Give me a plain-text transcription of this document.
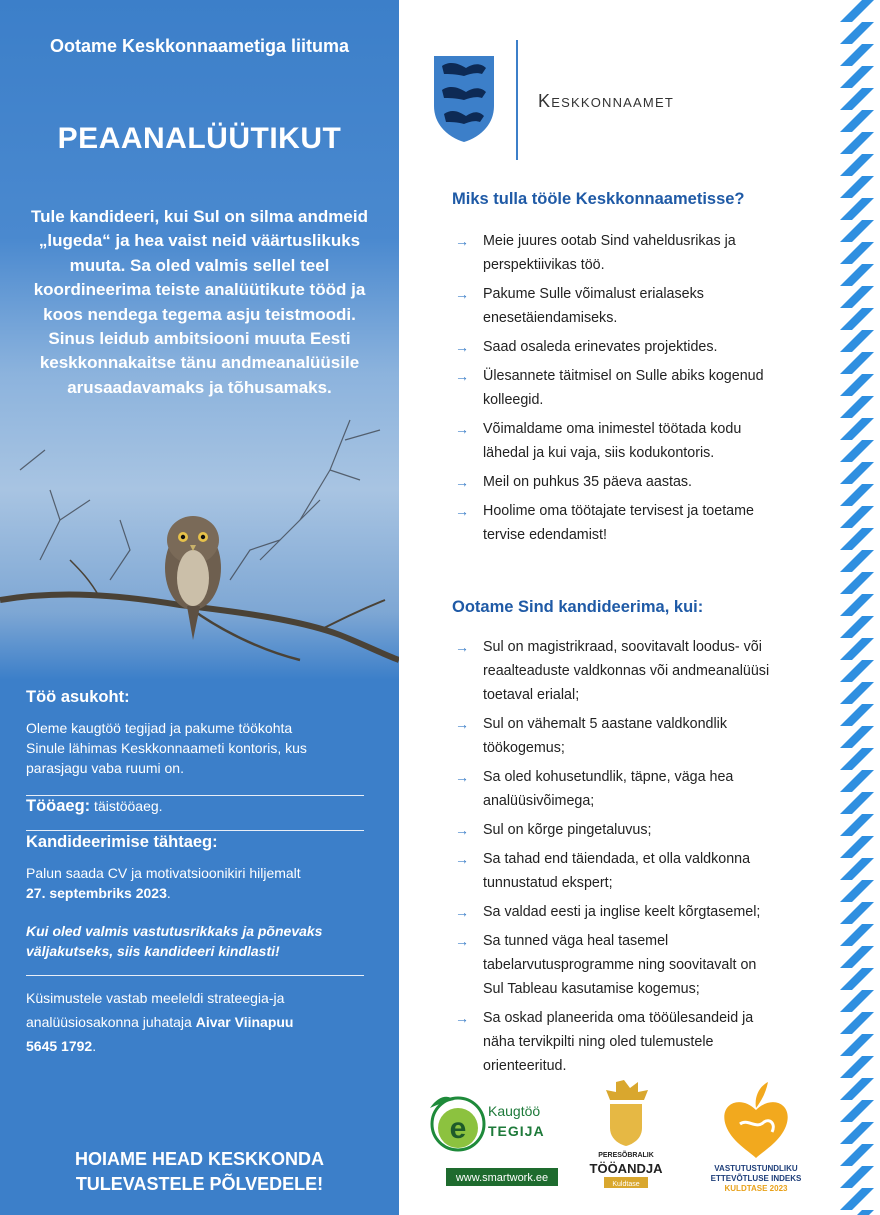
Ootame Keskkonnaametiga liituma
PEAANALÜÜTIKUT
Tule kandideeri, kui Sul on silma andmeid
„lugeda“ ja hea vaist neid väärtuslikuks
muuta. Sa oled valmis sellel teel
koordineerima teiste analüütikute tööd ja
koos nendega tegema asju teistmoodi.
Sinus leidub ambitsiooni muuta Eesti
keskkonnakaitse tänu andmeanalüüsile
arusaadavamaks ja tõhusamaks.

Töö asukoht:

Oleme kaugtöö tegijad ja pakume töökohta
Sinule lähimas Keskkonnaameti kontoris, kus
parasjagu vaba ruumi on.

Tööaeg: täistööaeg.

Kandideerimise tähtaeg:

Palun saada CV ja motivatsioonikiri hiljemalt
27. septembriks 2023.
Kui oled valmis vastutusrikkaks ja põnevaks
väljakutseks, siis kandideeri kindlasti!
Küsimustele vastab meeleldi strateegia-ja
analüüsiosakonna juhataja Aivar Viinapuu
5645 1792.
HOIAME HEAD KESKKONDA
TULEVASTELE PÕLVEDELE!
Keskkonnaamet
Miks tulla tööle Keskkonnaametisse?
→ Meie juures ootab Sind vaheldusrikas ja
perspektiivikas töö.
→ Pakume Sulle võimalust erialaseks
enesetäiendamiseks.
→ Saad osaleda erinevates projektides.
→ Ülesannete täitmisel on Sulle abiks kogenud
kolleegid.
→ Võimaldame oma inimestel töötada kodu
lähedal ja kui vaja, siis kodukontoris.
→ Meil on puhkus 35 päeva aastas.
→ Hoolime oma töötajate tervisest ja toetame
tervise edendamist!
Ootame Sind kandideerima, kui:
→ Sul on magistrikraad, soovitavalt loodus- või
reaalteaduste valdkonnas või andmeanalüüsi
toetaval erialal;
→ Sul on vähemalt 5 aastane valdkondlik
töökogemus;
→ Sa oled kohusetundlik, täpne, väga hea
analüüsivõimega;
→ Sul on kõrge pingetaluvus;
→ Sa tahad end täiendada, et olla valdkonna
tunnustatud ekspert;
→ Sa valdad eesti ja inglise keelt kõrgtasemel;
→ Sa tunned väga heal tasemel
tabelarvutusprogramme ning soovitavalt on
Sul Tableau kasutamise kogemus;
→ Sa oskad planeerida oma tööülesandeid ja
näha tervikpilti ning oled tulemustele
orienteeritud.
e
Kaugtöö
TEGIJA
www.smartwork.ee
PERESÕBRALIK
TÖÖANDJA
Kuldtase
VASTUTUSTUNDLIKU
ETTEVÕTLUSE INDEKS
KULDTASE 2023
